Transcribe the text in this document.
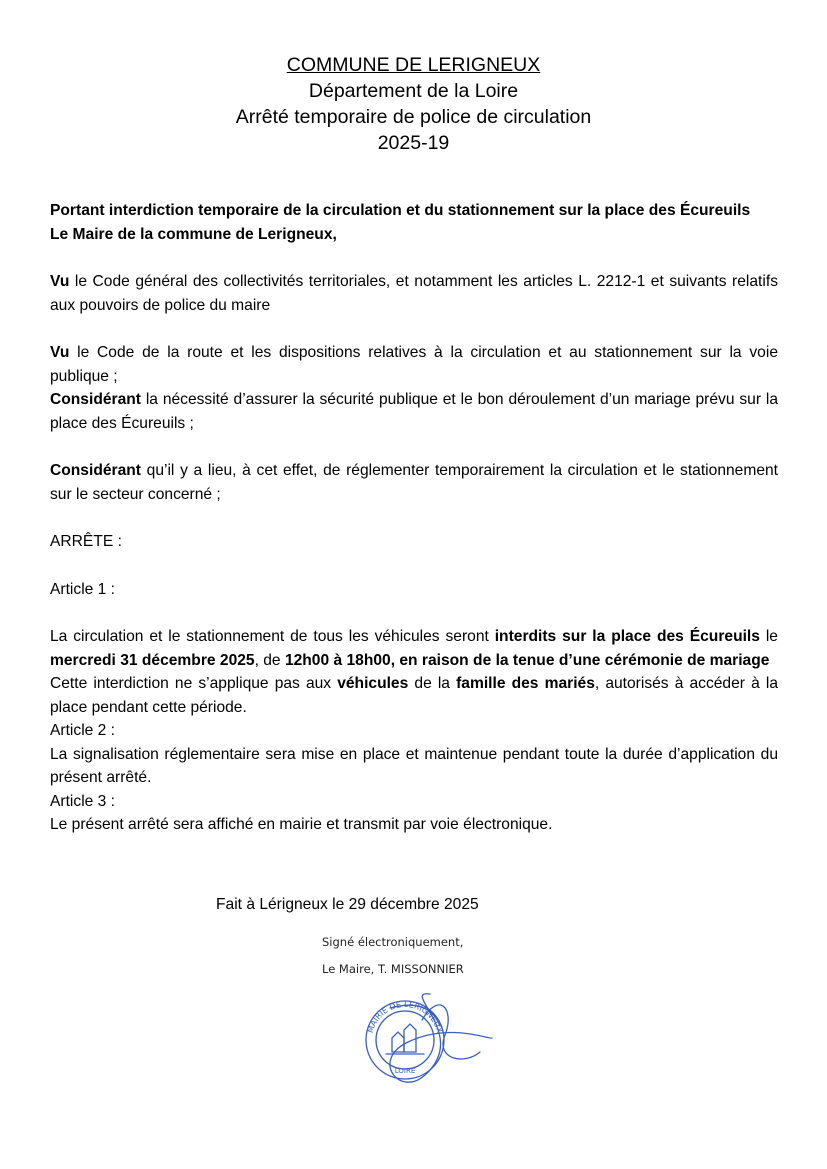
COMMUNE DE LERIGNEUX
Département de la Loire
Arrêté temporaire de police de circulation
2025-19

Portant interdiction temporaire de la circulation et du stationnement sur la place des Écureuils

Le Maire de la commune de Lerigneux,

Vu le Code général des collectivités territoriales, et notamment les articles L. 2212-1 et suivants relatifs aux pouvoirs de police du maire

Vu le Code de la route et les dispositions relatives à la circulation et au stationnement sur la voie publique ;

Considérant la nécessité d’assurer la sécurité publique et le bon déroulement d’un mariage prévu sur la place des Écureuils ;

Considérant qu’il y a lieu, à cet effet, de réglementer temporairement la circulation et le stationnement sur le secteur concerné ;

ARRÊTE :

Article 1 :

La circulation et le stationnement de tous les véhicules seront interdits sur la place des Écureuils le mercredi 31 décembre 2025, de 12h00 à 18h00, en raison de la tenue d’une cérémonie de mariage

Cette interdiction ne s’applique pas aux véhicules de la famille des mariés, autorisés à accéder à la place pendant cette période.

Article 2 :

La signalisation réglementaire sera mise en place et maintenue pendant toute la durée d’application du présent arrêté.

Article 3 :

Le présent arrêté sera affiché en mairie et transmit par voie électronique.

Fait à Lérigneux le 29 décembre 2025
Signé électroniquement,
Le Maire, T. MISSONNIER
MAIRIE DE LERIGNEUX
LOIRE
